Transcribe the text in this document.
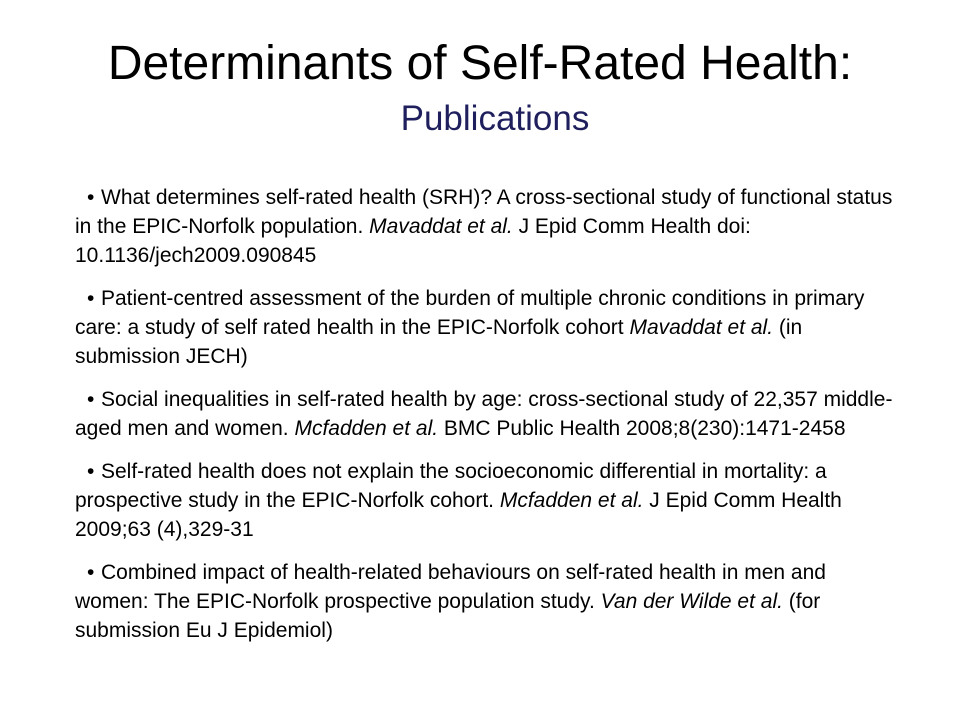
Determinants of Self-Rated Health:
Publications

• What determines self-rated health (SRH)? A cross-sectional study of functional status in the EPIC-Norfolk population. Mavaddat et al. J Epid Comm Health doi: 10.1136/jech2009.090845

• Patient-centred assessment of the burden of multiple chronic conditions in primary care: a study of self rated health in the EPIC-Norfolk cohort Mavaddat et al. (in submission JECH)

• Social inequalities in self-rated health by age: cross-sectional study of 22,357 middle-aged men and women. Mcfadden et al. BMC Public Health 2008;8(230):1471-2458

• Self-rated health does not explain the socioeconomic differential in mortality: a prospective study in the EPIC-Norfolk cohort. Mcfadden et al. J Epid Comm Health 2009;63 (4),329-31

• Combined impact of health-related behaviours on self-rated health in men and women: The EPIC-Norfolk prospective population study. Van der Wilde et al. (for submission Eu J Epidemiol)
